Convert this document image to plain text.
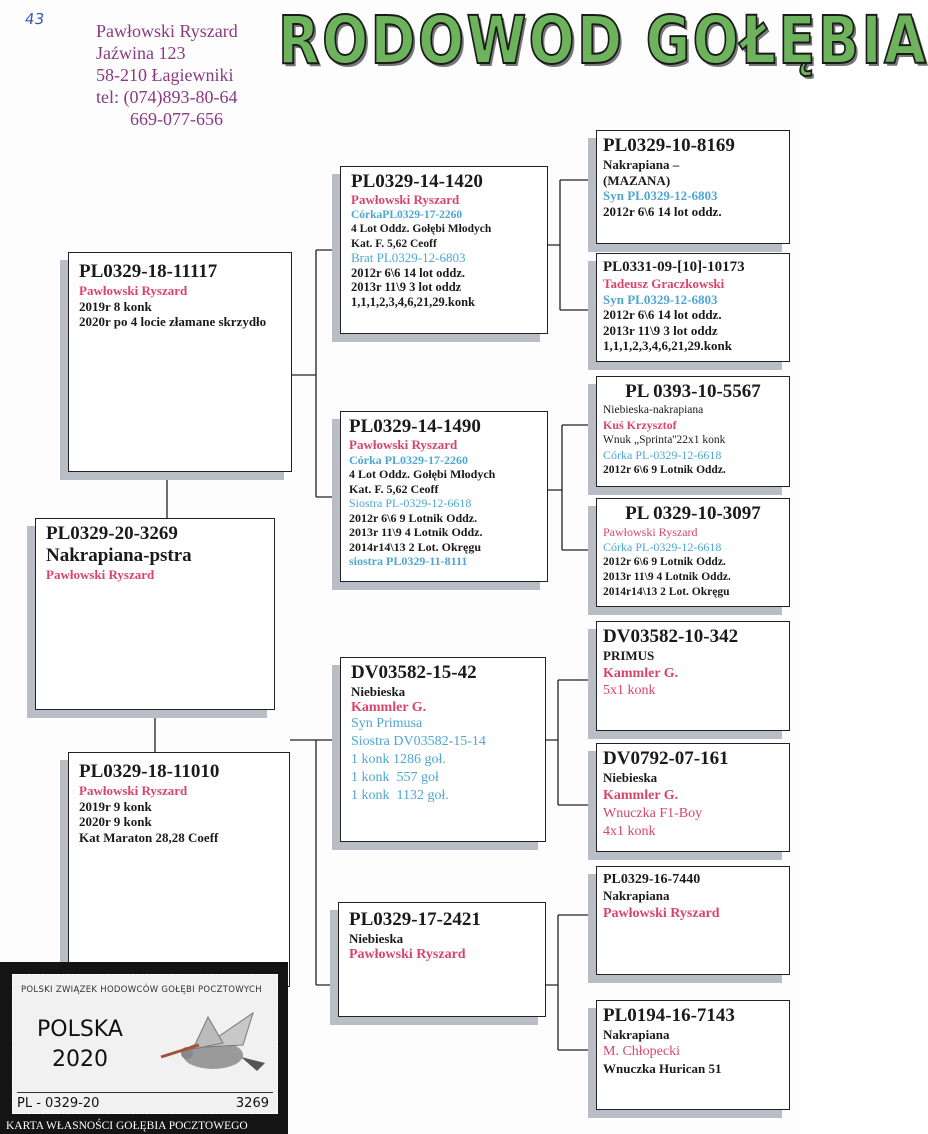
43
Pawłowski Ryszard
Jaźwina 123
58-210 Łagiewniki
tel: (074)893-80-64
669-077-656
RODOWOD GOŁĘBIA
PL0329-18-11117
Pawłowski Ryszard
2019r 8 konk
2020r po 4 locie złamane skrzydło
PL0329-20-3269
Nakrapiana-pstra
Pawłowski Ryszard
PL0329-18-11010
Pawłowski Ryszard
2019r 9 konk
2020r 9 konk
Kat Maraton 28,28 Coeff
PL0329-14-1420
Pawłowski Ryszard
CórkaPL0329-17-2260
4 Lot Oddz. Gołębi Młodych
Kat. F. 5,62 Ceoff
Brat PL0329-12-6803
2012r 6\6 14 lot oddz.
2013r 11\9 3 lot oddz
1,1,1,2,3,4,6,21,29.konk
PL0329-14-1490
Pawłowski Ryszard
Córka PL0329-17-2260
4 Lot Oddz. Gołębi Młodych
Kat. F. 5,62 Ceoff
Siostra PL-0329-12-6618
2012r 6\6 9 Lotnik Oddz.
2013r 11\9 4 Lotnik Oddz.
2014r14\13 2 Lot. Okręgu
siostra PL0329-11-8111
DV03582-15-42
Niebieska
Kammler G.
Syn Primusa
Siostra DV03582-15-14
1 konk 1286 goł.
1 konk  557 goł
1 konk  1132 goł.
PL0329-17-2421
Niebieska
Pawłowski Ryszard
PL0329-10-8169
Nakrapiana –
(MAZANA)
Syn PL0329-12-6803
2012r 6\6 14 lot oddz.
PL0331-09-[10]-10173
Tadeusz Graczkowski
Syn PL0329-12-6803
2012r 6\6 14 lot oddz.
2013r 11\9 3 lot oddz
1,1,1,2,3,4,6,21,29.konk
PL 0393-10-5567
Niebieska-nakrapiana
Kuś Krzysztof
Wnuk „Sprinta''22x1 konk
Córka PL-0329-12-6618
2012r 6\6 9 Lotnik Oddz.
PL 0329-10-3097
Pawłowski Ryszard
Córka PL-0329-12-6618
2012r 6\6 9 Lotnik Oddz.
2013r 11\9 4 Lotnik Oddz.
2014r14\13 2 Lot. Okręgu
DV03582-10-342
PRIMUS
Kammler G.
5x1 konk
DV0792-07-161
Niebieska
Kammler G.
Wnuczka F1-Boy
4x1 konk
PL0329-16-7440
Nakrapiana
Pawłowski Ryszard
PL0194-16-7143
Nakrapiana
M. Chłopecki
Wnuczka Hurican 51
POLSKI ZWIĄZEK HODOWCÓW GOŁĘBI POCZTOWYCH
POLSKA
2020
PL - 0329-20	3269
KARTA WŁASNOŚCI GOŁĘBIA POCZTOWEGO
